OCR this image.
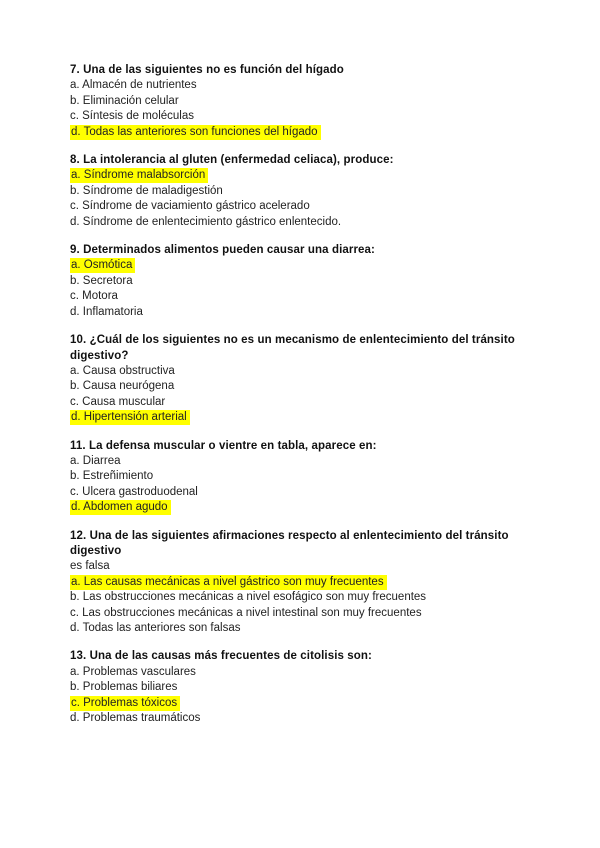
7. Una de las siguientes no es función del hígado
a. Almacén de nutrientes
b. Eliminación celular
c. Síntesis de moléculas
d. Todas las anteriores son funciones del hígado
8. La intolerancia al gluten (enfermedad celiaca), produce:
a. Síndrome malabsorción
b. Síndrome de maladigestión
c. Síndrome de vaciamiento gástrico acelerado
d. Síndrome de enlentecimiento gástrico enlentecido.
9. Determinados alimentos pueden causar una diarrea:
a. Osmótica
b. Secretora
c. Motora
d. Inflamatoria
10. ¿Cuál de los siguientes no es un mecanismo de enlentecimiento del tránsito
digestivo?
a. Causa obstructiva
b. Causa neurógena
c. Causa muscular
d. Hipertensión arterial
11. La defensa muscular o vientre en tabla, aparece en:
a. Diarrea
b. Estreñimiento
c. Ulcera gastroduodenal
d. Abdomen agudo
12. Una de las siguientes afirmaciones respecto al enlentecimiento del tránsito
digestivo
es falsa
a. Las causas mecánicas a nivel gástrico son muy frecuentes
b. Las obstrucciones mecánicas a nivel esofágico son muy frecuentes
c. Las obstrucciones mecánicas a nivel intestinal son muy frecuentes
d. Todas las anteriores son falsas
13. Una de las causas más frecuentes de citolisis son:
a. Problemas vasculares
b. Problemas biliares
c. Problemas tóxicos
d. Problemas traumáticos
